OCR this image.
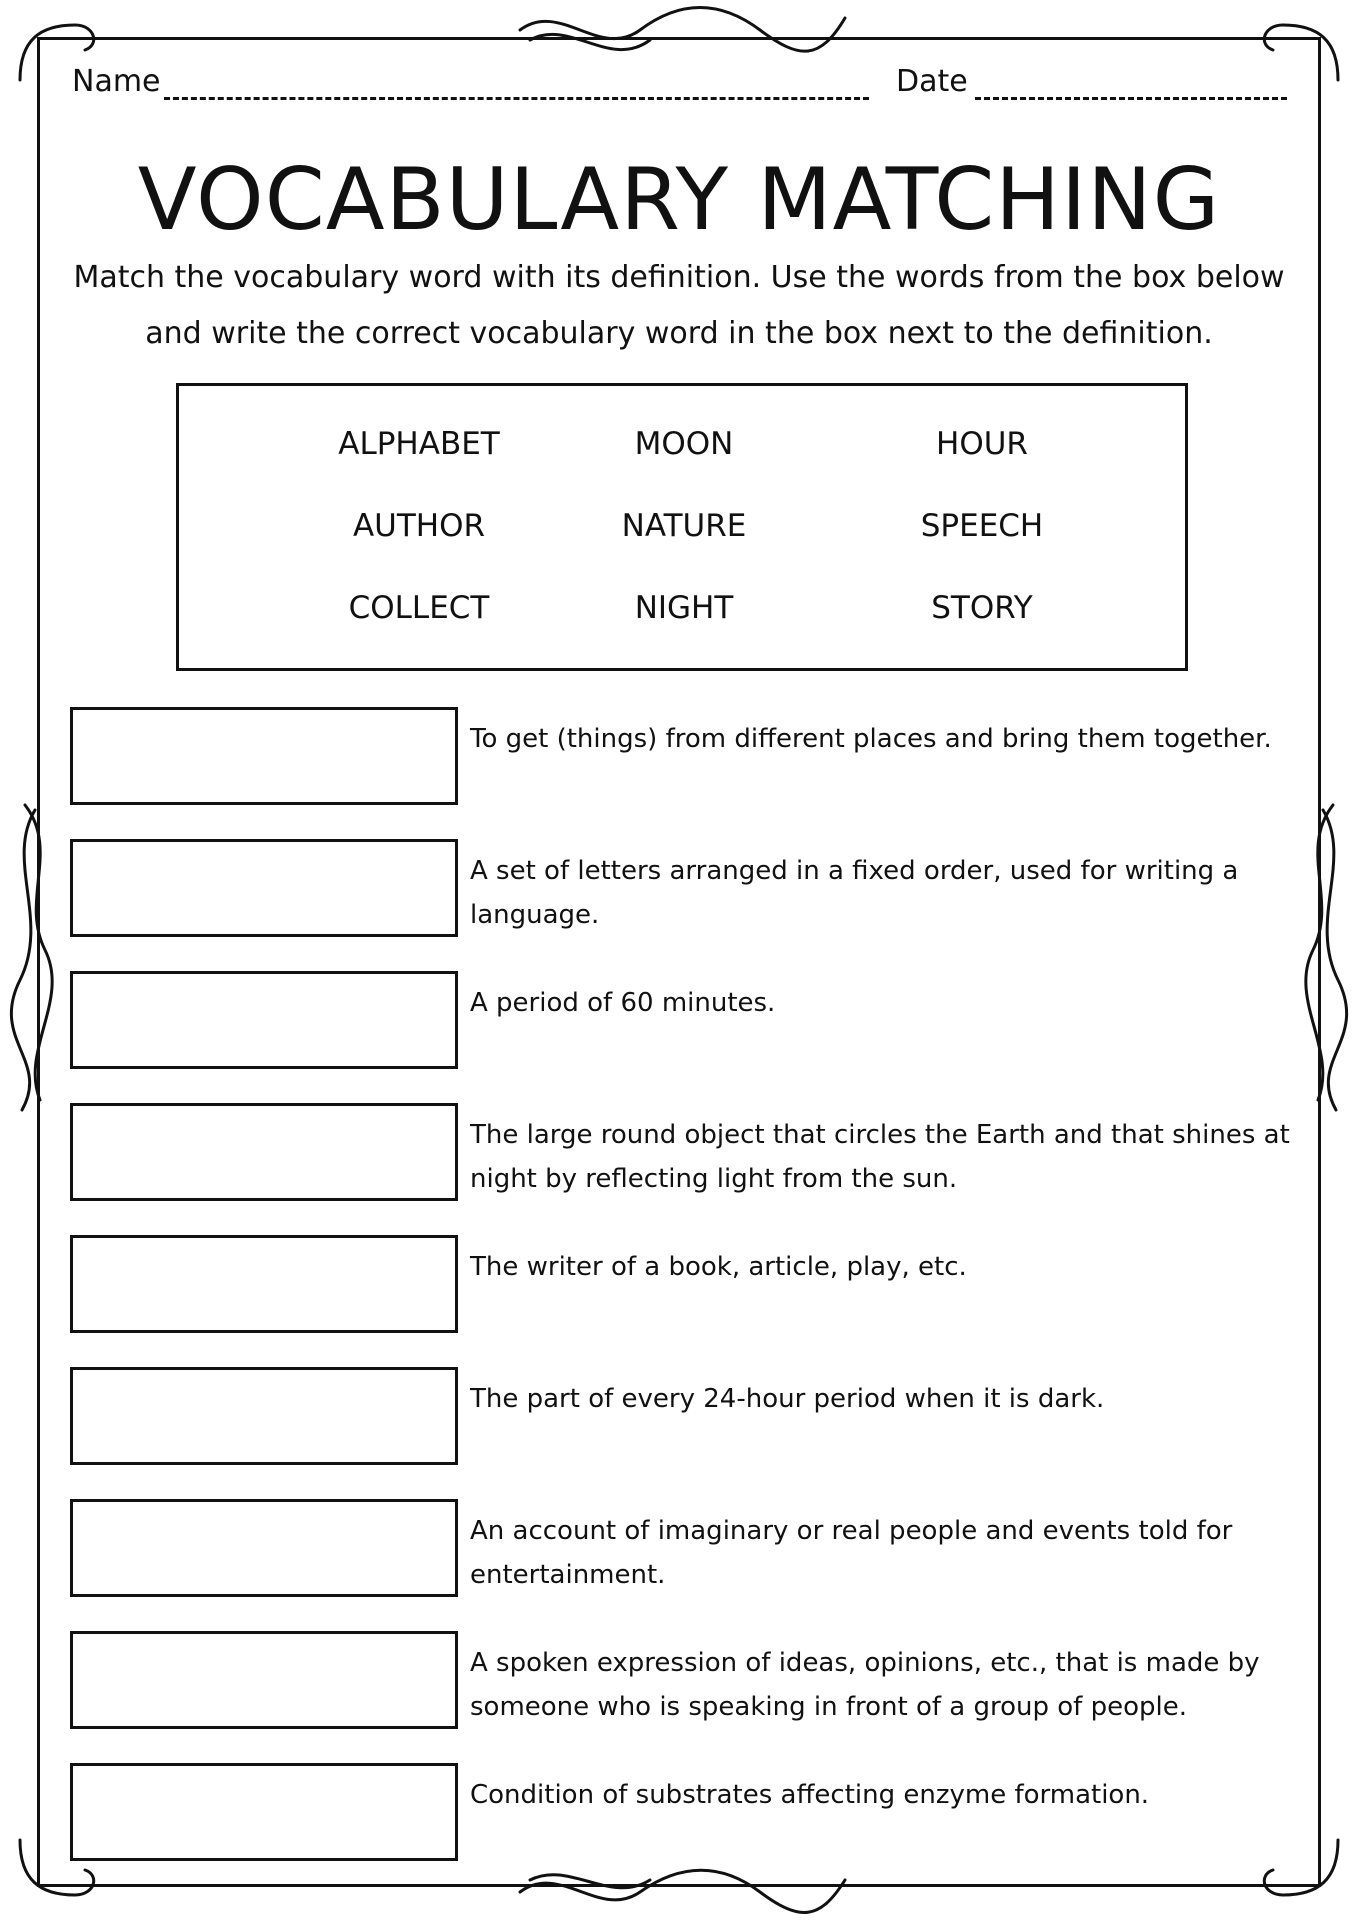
Name	Date
VOCABULARY MATCHING

Match the vocabulary word with its definition. Use the words from the box below and write the correct vocabulary word in the box next to the definition.

ALPHABET	MOON	HOUR
AUTHOR	NATURE	SPEECH
COLLECT	NIGHT	STORY

To get (things) from different places and bring them together.

A set of letters arranged in a fixed order, used for writing a language.

A period of 60 minutes.

The large round object that circles the Earth and that shines at night by reflecting light from the sun.

The writer of a book, article, play, etc.

The part of every 24-hour period when it is dark.

An account of imaginary or real people and events told for entertainment.

A spoken expression of ideas, opinions, etc., that is made by someone who is speaking in front of a group of people.

Condition of substrates affecting enzyme formation.
